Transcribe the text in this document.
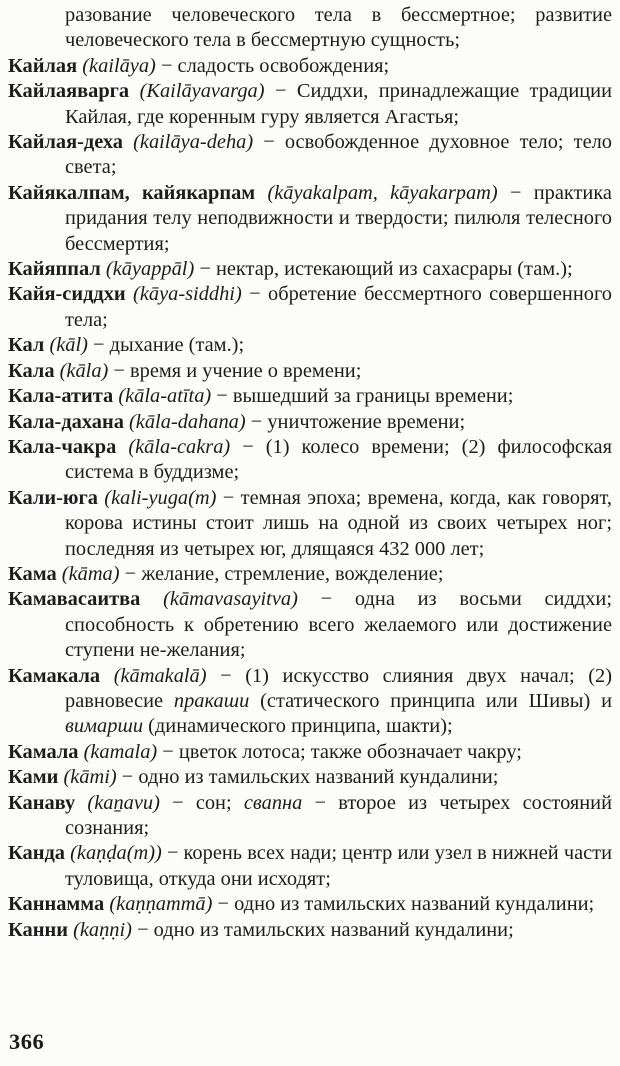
разование человеческого тела в бессмертное; развитие человеческого тела в бессмертную сущность;

Кайлая (kailāya) − сладость освобождения;

Кайлаяварга (Kailāyavarga) − Сиддхи, принадлежащие традиции Кайлая, где коренным гуру является Агастья;

Кайлая-деха (kailāya-deha) − освобожденное духовное тело; тело света;

Кайякалпам, кайякарпам (kāyakalpam, kāyakarpam) − практика придания телу неподвижности и твердости; пилюля телесного бессмертия;

Кайяппал (kāyappāl) − нектар, истекающий из сахасрары (там.);

Кайя-сиддхи (kāya-siddhi) − обретение бессмертного совершенного тела;

Кал (kāl) − дыхание (там.);

Кала (kāla) − время и учение о времени;

Кала-атита (kāla-atīta) − вышедший за границы времени;

Кала-дахана (kāla-dahana) − уничтожение времени;

Кала-чакра (kāla-cakra) − (1) колесо времени; (2) философская система в буддизме;

Кали-юга (kali-yuga(m) − темная эпоха; времена, когда, как говорят, корова истины стоит лишь на одной из своих четырех ног; последняя из четырех юг, длящаяся 432 000 лет;

Кама (kāma) − желание, стремление, вожделение;

Камавасаитва (kāmavasayitva) − одна из восьми сиддхи; способность к обретению всего желаемого или достижение ступени не-желания;

Камакала (kāmakalā) − (1) искусство слияния двух начал; (2) равновесие пракаши (статического принципа или Шивы) и вимарши (динамического принципа, шакти);

Камала (kamala) − цветок лотоса; также обозначает чакру;

Ками (kāmi) − одно из тамильских названий кундалини;

Канаву (kaṉavu) − сон; свапна − второе из четырех состояний сознания;

Канда (kaṇḍa(m)) − корень всех нади; центр или узел в нижней части туловища, откуда они исходят;

Каннамма (kaṇṇammā) − одно из тамильских названий кундалини;

Канни (kaṇṇi) − одно из тамильских названий кундалини;

366
